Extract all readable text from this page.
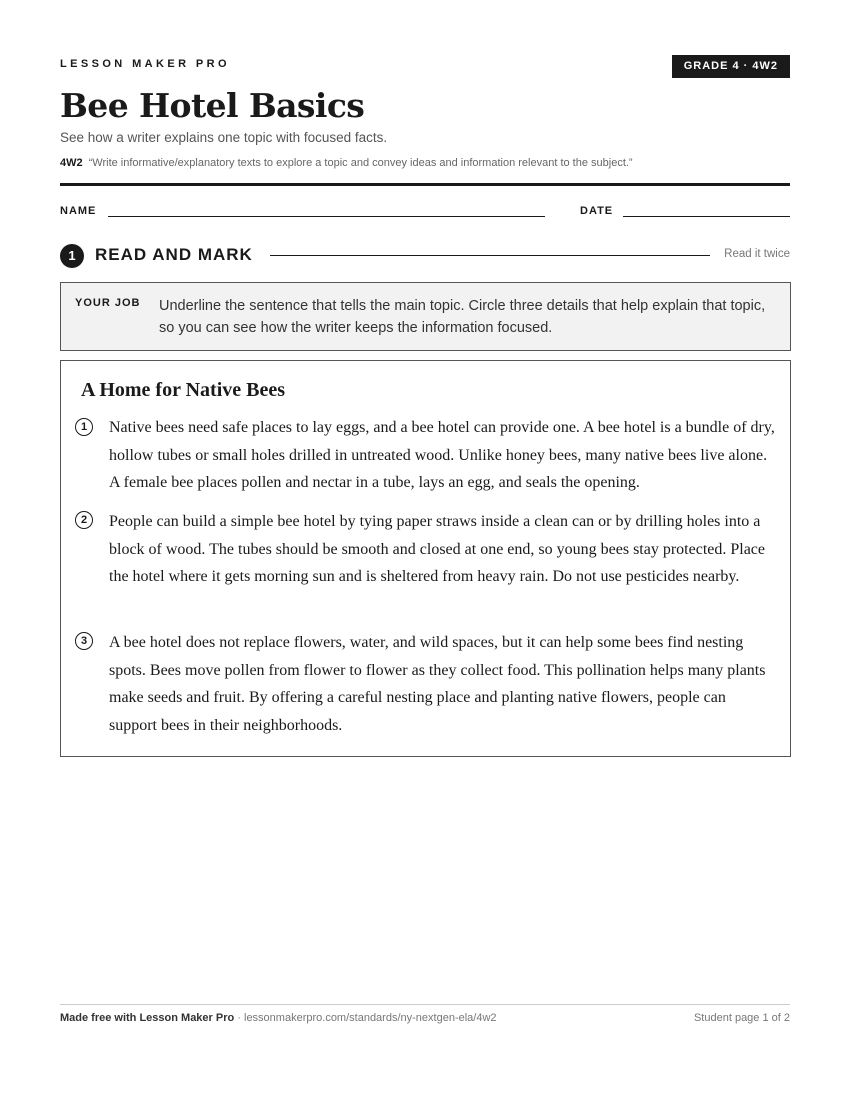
LESSON MAKER PRO	GRADE 4 · 4W2
Bee Hotel Basics
See how a writer explains one topic with focused facts.
4W2 “Write informative/explanatory texts to explore a topic and convey ideas and information relevant to the subject.”
NAME	DATE
1	READ AND MARK	Read it twice
YOUR JOB Underline the sentence that tells the main topic. Circle three details that help explain that topic, so you can see how the writer keeps the information focused.
A Home for Native Bees
1	Native bees need safe places to lay eggs, and a bee hotel can provide one. A bee hotel is a bundle of dry, hollow tubes or small holes drilled in untreated wood. Unlike honey bees, many native bees live alone. A female bee places pollen and nectar in a tube, lays an egg, and seals the opening.
2	People can build a simple bee hotel by tying paper straws inside a clean can or by drilling holes into a block of wood. The tubes should be smooth and closed at one end, so young bees stay protected. Place the hotel where it gets morning sun and is sheltered from heavy rain. Do not use pesticides nearby.
3	A bee hotel does not replace flowers, water, and wild spaces, but it can help some bees find nesting spots. Bees move pollen from flower to flower as they collect food. This pollination helps many plants make seeds and fruit. By offering a careful nesting place and planting native flowers, people can support bees in their neighborhoods.
Made free with Lesson Maker Pro · lessonmakerpro.com/standards/ny-nextgen-ela/4w2	Student page 1 of 2
